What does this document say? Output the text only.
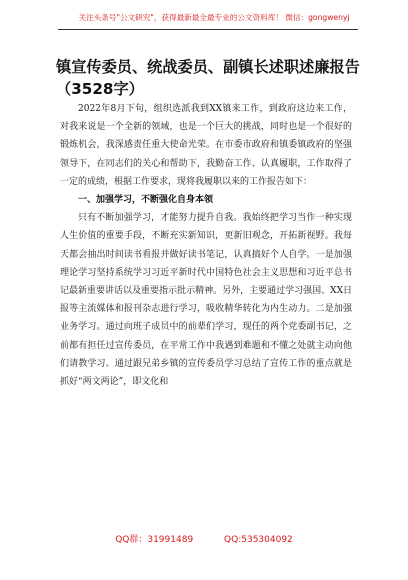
关注头条号"公文研究"，获得最新最全最专业的公文资料库！ 微信：gongwenyj
镇宣传委员、统战委员、副镇长述职述廉报告（3528字）

2022年8月下旬，组织选派我到XX镇来工作，到政府这边来工作，对我来说是一个全新的领域，也是一个巨大的挑战，同时也是一个很好的锻炼机会，我深感责任重大使命光荣。在市委市政府和镇委镇政府的坚强领导下，在同志们的关心和帮助下，我勤奋工作、认真履职，工作取得了一定的成绩，根据工作要求，现将我履职以来的工作报告如下：

一、加强学习，不断强化自身本领

只有不断加强学习，才能努力提升自我。我始终把学习当作一种实现人生价值的重要手段，不断充实新知识，更新旧观念，开拓新视野。我每天都会抽出时间读书看报并做好读书笔记，认真搞好个人自学。一是加强理论学习坚持系统学习习近平新时代中国特色社会主义思想和习近平总书记最新重要讲话以及重要指示批示精神。另外，主要通过学习强国、XX日报等主流媒体和报刊杂志进行学习，吸收精华转化为内生动力。二是加强业务学习。通过向班子成员中的前辈们学习，现任的两个党委副书记，之前都有担任过宣传委员，在平常工作中我遇到难题和不懂之处就主动向他们请教学习。通过跟兄弟乡镇的宣传委员学习总结了宣传工作的重点就是抓好“两文两论”，即文化和

QQ群：31991489	QQ:535304092
